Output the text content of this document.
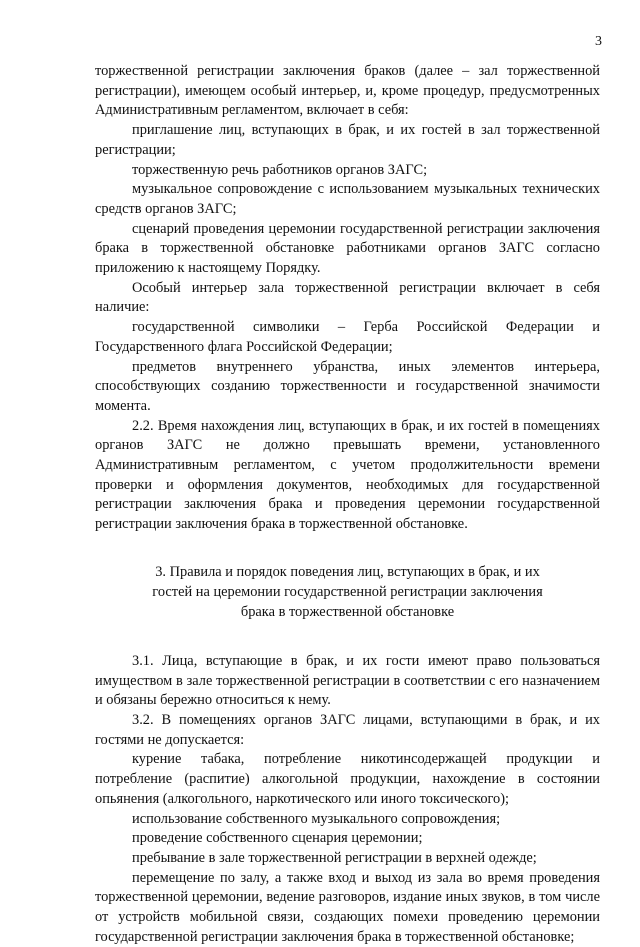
3

торжественной регистрации заключения браков (далее – зал торжественной регистрации), имеющем особый интерьер, и, кроме процедур, предусмотренных Административным регламентом, включает в себя:

приглашение лиц, вступающих в брак, и их гостей в зал торжественной регистрации;

торжественную речь работников органов ЗАГС;

музыкальное сопровождение с использованием музыкальных технических средств органов ЗАГС;

сценарий проведения церемонии государственной регистрации заключения брака в торжественной обстановке работниками органов ЗАГС согласно приложению к настоящему Порядку.

Особый интерьер зала торжественной регистрации включает в себя наличие:

государственной символики – Герба Российской Федерации и Государственного флага Российской Федерации;

предметов внутреннего убранства, иных элементов интерьера, способствующих созданию торжественности и государственной значимости момента.

2.2. Время нахождения лиц, вступающих в брак, и их гостей в помещениях органов ЗАГС не должно превышать времени, установленного Административным регламентом, с учетом продолжительности времени проверки и оформления документов, необходимых для государственной регистрации заключения брака и проведения церемонии государственной регистрации заключения брака в торжественной обстановке.

3. Правила и порядок поведения лиц, вступающих в брак, и их
гостей на церемонии государственной регистрации заключения
брака в торжественной обстановке

3.1. Лица, вступающие в брак, и их гости имеют право пользоваться имуществом в зале торжественной регистрации в соответствии с его назначением и обязаны бережно относиться к нему.

3.2. В помещениях органов ЗАГС лицами, вступающими в брак, и их гостями не допускается:

курение табака, потребление никотинсодержащей продукции и потребление (распитие) алкогольной продукции, нахождение в состоянии опьянения (алкогольного, наркотического или иного токсического);

использование собственного музыкального сопровождения;

проведение собственного сценария церемонии;

пребывание в зале торжественной регистрации в верхней одежде;

перемещение по залу, а также вход и выход из зала во время проведения торжественной церемонии, ведение разговоров, издание иных звуков, в том числе от устройств мобильной связи, создающих помехи проведению церемонии государственной регистрации заключения брака в торжественной обстановке;
